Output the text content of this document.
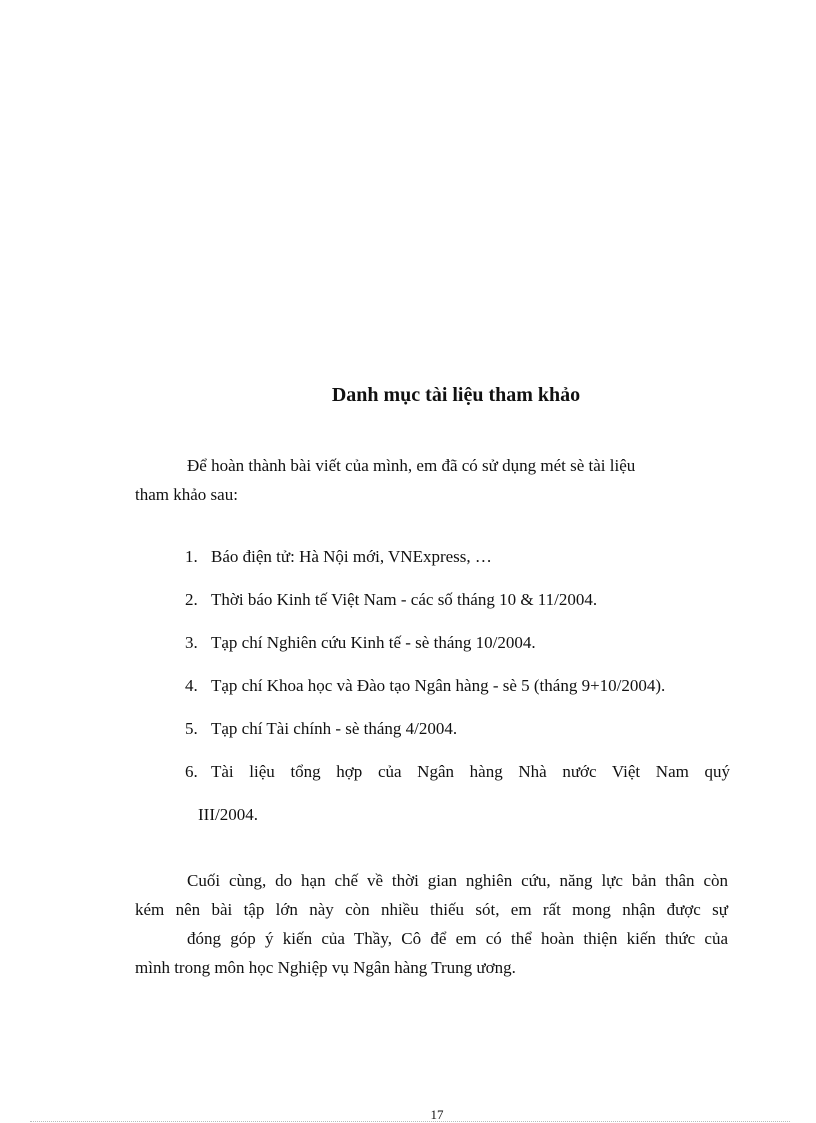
Danh mục tài liệu tham khảo

Để hoàn thành bài viết của mình, em đã có sử dụng mét sè tài liệu
tham khảo sau:

1. Báo điện tử: Hà Nội mới, VNExpress, …
2. Thời báo Kinh tế Việt Nam - các số tháng 10 & 11/2004.
3. Tạp chí Nghiên cứu Kinh tế - sè tháng 10/2004.
4. Tạp chí Khoa học và Đào tạo Ngân hàng - sè 5 (tháng 9+10/2004).
5. Tạp chí Tài chính - sè tháng 4/2004.
6. Tài liệu tổng hợp của Ngân hàng Nhà nước Việt Nam quý
III/2004.

Cuối cùng, do hạn chế về thời gian nghiên cứu, năng lực bản thân còn
kém nên bài tập lớn này còn nhiều thiếu sót, em rất mong nhận được sự
đóng góp ý kiến của Thầy, Cô để em có thể hoàn thiện kiến thức của
mình trong môn học Nghiệp vụ Ngân hàng Trung ương.

17
